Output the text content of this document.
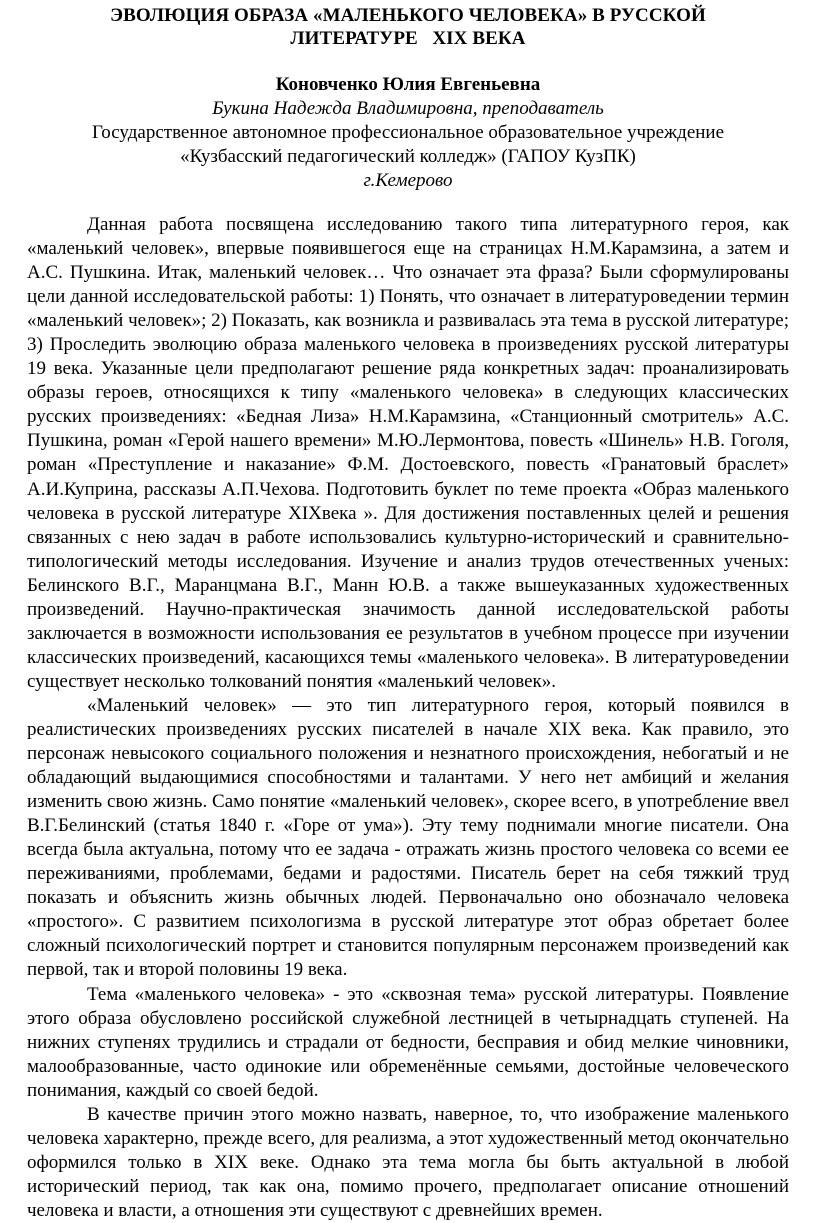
ЭВОЛЮЦИЯ ОБРАЗА «МАЛЕНЬКОГО ЧЕЛОВЕКА» В РУССКОЙ
ЛИТЕРАТУРЕ   XIX ВЕКА
Коновченко Юлия Евгеньевна
Букина Надежда Владимировна, преподаватель
Государственное автономное профессиональное образовательное учреждение
«Кузбасский педагогический колледж» (ГАПОУ КузПК)
г.Кемерово

Данная работа посвящена исследованию такого типа литературного героя, как «маленький человек», впервые появившегося еще на страницах Н.М.Карамзина, а затем и А.С. Пушкина. Итак, маленький человек… Что означает эта фраза? Были сформулированы цели данной исследовательской работы: 1) Понять, что означает в литературоведении термин «маленький человек»; 2) Показать, как возникла и развивалась эта тема в русской литературе; 3) Проследить эволюцию образа маленького человека в произведениях русской литературы 19 века. Указанные цели предполагают решение ряда конкретных задач: проанализировать образы героев, относящихся к типу «маленького человека» в следующих классических русских произведениях: «Бедная Лиза» Н.М.Карамзина, «Станционный смотритель» А.С. Пушкина, роман «Герой нашего времени» М.Ю.Лермонтова, повесть «Шинель» Н.В. Гоголя, роман «Преступление и наказание» Ф.М. Достоевского, повесть «Гранатовый браслет» А.И.Куприна, рассказы А.П.Чехова. Подготовить буклет по теме проекта «Образ маленького человека в русской литературе XIXвека ». Для достижения поставленных целей и решения связанных с нею задач в работе использовались культурно-исторический и сравнительно-типологический методы исследования. Изучение и анализ трудов отечественных ученых: Белинского В.Г., Маранцмана В.Г., Манн Ю.В. а также вышеуказанных художественных произведений. Научно-практическая значимость данной исследовательской работы заключается в возможности использования ее результатов в учебном процессе при изучении классических произведений, касающихся темы «маленького человека». В литературоведении существует несколько толкований понятия «маленький человек».

«Маленький человек» — это тип литературного героя, который появился в реалистических произведениях русских писателей в начале XIX века. Как правило, это персонаж невысокого социального положения и незнатного происхождения, небогатый и не обладающий выдающимися способностями и талантами. У него нет амбиций и желания изменить свою жизнь. Само понятие «маленький человек», скорее всего, в употребление ввел В.Г.Белинский (статья 1840 г. «Горе от ума»). Эту тему поднимали многие писатели. Она всегда была актуальна, потому что ее задача - отражать жизнь простого человека со всеми ее переживаниями, проблемами, бедами и радостями. Писатель берет на себя тяжкий труд показать и объяснить жизнь обычных людей. Первоначально оно обозначало человека «простого». С развитием психологизма в русской литературе этот образ обретает более сложный психологический портрет и становится популярным персонажем произведений как первой, так и второй половины 19 века.

Тема «маленького человека» - это «сквозная тема» русской литературы. Появление этого образа обусловлено российской служебной лестницей в четырнадцать ступеней. На нижних ступенях трудились и страдали от бедности, бесправия и обид мелкие чиновники, малообразованные, часто одинокие или обременённые семьями, достойные человеческого понимания, каждый со своей бедой.

В качестве причин этого можно назвать, наверное, то, что изображение маленького человека характерно, прежде всего, для реализма, а этот художественный метод окончательно оформился только в XIX веке. Однако эта тема могла бы быть актуальной в любой исторический период, так как она, помимо прочего, предполагает описание отношений человека и власти, а отношения эти существуют с древнейших времен.
